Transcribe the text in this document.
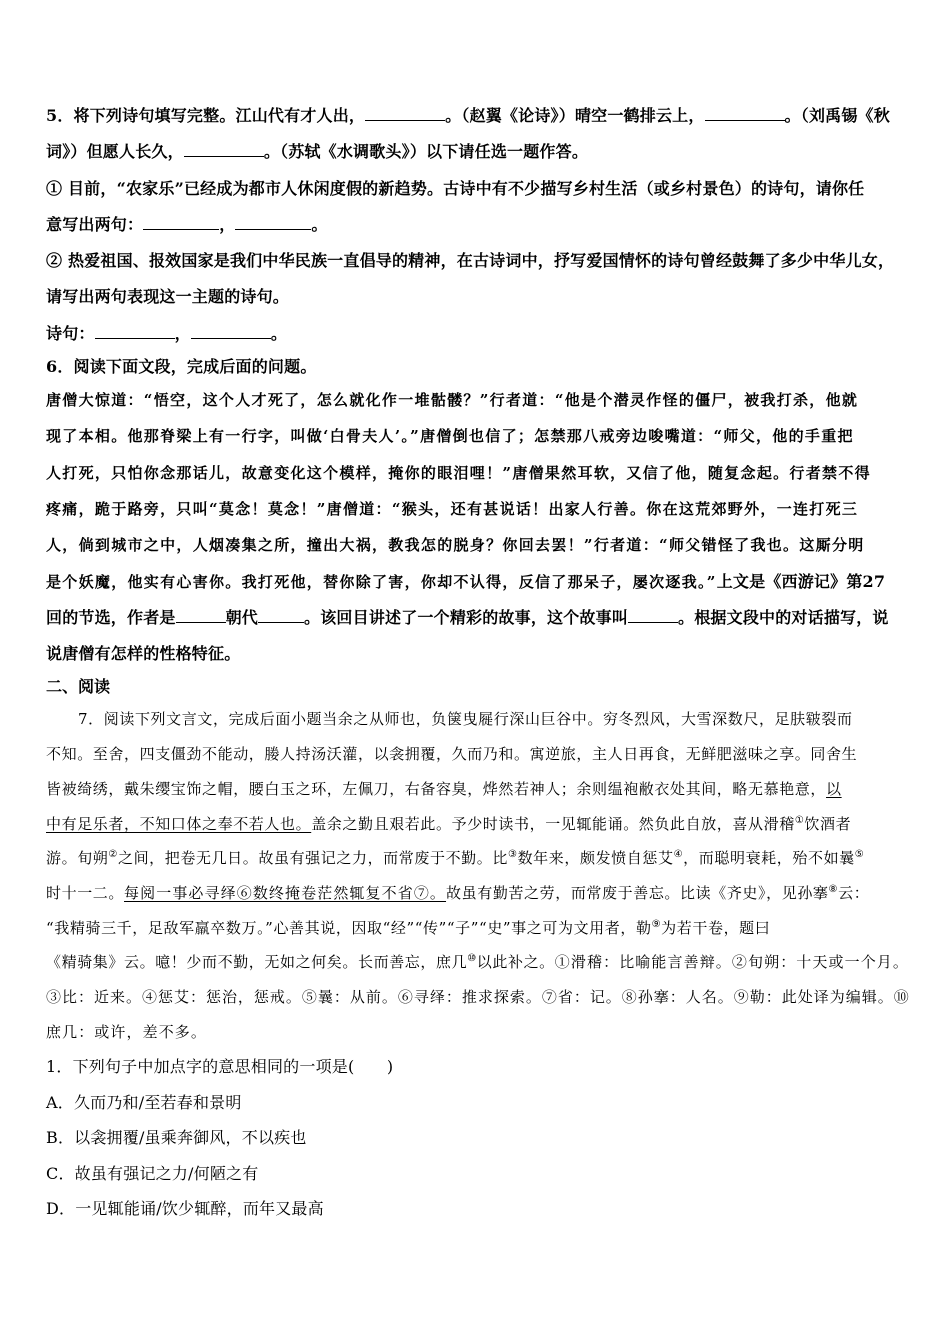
5．将下列诗句填写完整。江山代有才人出，	。（赵翼《论诗》）晴空一鹤排云上，	。（刘禹锡《秋
词》）但愿人长久，	。（苏轼《水调歌头》）以下请任选一题作答。
① 目前，“农家乐”已经成为都市人休闲度假的新趋势。古诗中有不少描写乡村生活（或乡村景色）的诗句，请你任
意写出两句：	，	。
② 热爱祖国、报效国家是我们中华民族一直倡导的精神，在古诗词中，抒写爱国情怀的诗句曾经鼓舞了多少中华儿女，
请写出两句表现这一主题的诗句。
诗句：	，	。
6．阅读下面文段，完成后面的问题。
唐僧大惊道：“悟空，这个人才死了，怎么就化作一堆骷髅？”行者道：“他是个潜灵作怪的僵尸，被我打杀，他就
现了本相。他那脊梁上有一行字，叫做‘白骨夫人’。”唐僧倒也信了；怎禁那八戒旁边唆嘴道：“师父，他的手重把
人打死，只怕你念那话儿，故意变化这个模样，掩你的眼泪哩！”唐僧果然耳软，又信了他，随复念起。行者禁不得
疼痛，跪于路旁，只叫“莫念！莫念！”唐僧道：“猴头，还有甚说话！出家人行善。你在这荒郊野外，一连打死三
人，倘到城市之中，人烟凑集之所，撞出大祸，教我怎的脱身？你回去罢！”行者道：“师父错怪了我也。这厮分明
是个妖魔，他实有心害你。我打死他，替你除了害，你却不认得，反信了那呆子，屡次逐我。”上文是《西游记》第27
回的节选，作者是	朝代	。该回目讲述了一个精彩的故事，这个故事叫	。根据文段中的对话描写，说
说唐僧有怎样的性格特征。
二、阅读
7．阅读下列文言文，完成后面小题当余之从师也，负箧曳屣行深山巨谷中。穷冬烈风，大雪深数尺，足肤皲裂而
不知。至舍，四支僵劲不能动，媵人持汤沃灌，以衾拥覆，久而乃和。寓逆旅，主人日再食，无鲜肥滋味之享。同舍生
皆被绮绣，戴朱缨宝饰之帽，腰白玉之环，左佩刀，右备容臭，烨然若神人；余则缊袍敝衣处其间，略无慕艳意，以
中有足乐者，不知口体之奉不若人也。盖余之勤且艰若此。予少时读书，一见辄能诵。然负此自放，喜从滑稽①饮酒者
游。旬朔②之间，把卷无几日。故虽有强记之力，而常废于不勤。比③数年来，颇发愤自惩艾④，而聪明衰耗，殆不如曩⑤
时十一二。每阅一事必寻绎⑥数终掩卷茫然辄复不省⑦。故虽有勤苦之劳，而常废于善忘。比读《齐史》，见孙搴⑧云：
“我精骑三千，足敌军羸卒数万。”心善其说，因取“经”“传”“子”“史”事之可为文用者，勒⑨为若干卷，题曰
《精骑集》云。噫！少而不勤，无如之何矣。长而善忘，庶几⑩以此补之。①滑稽：比喻能言善辩。②旬朔：十天或一个月。
③比：近来。④惩艾：惩治，惩戒。⑤曩：从前。⑥寻绎：推求探索。⑦省：记。⑧孙搴：人名。⑨勒：此处译为编辑。⑩
庶几：或许，差不多。
1．下列句子中加点字的意思相同的一项是(　　)
A．久而乃和/至若春和景明
B．以衾拥覆/虽乘奔御风，不以疾也
C．故虽有强记之力/何陋之有
D．一见辄能诵/饮少辄醉，而年又最高
